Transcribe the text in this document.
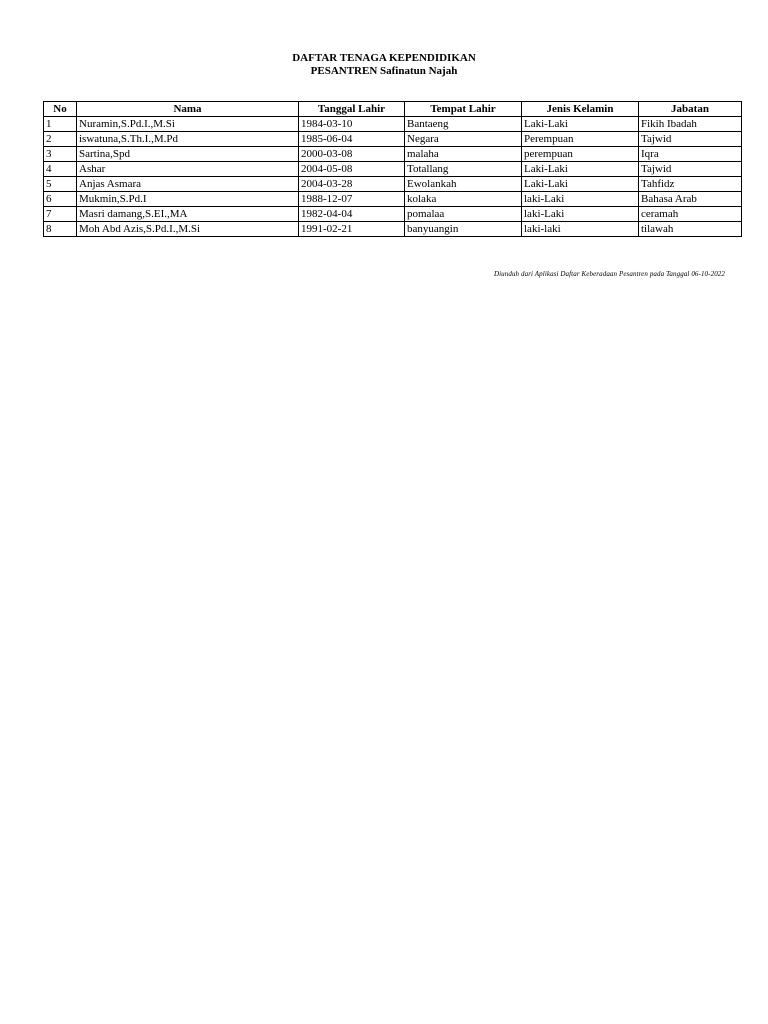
DAFTAR TENAGA KEPENDIDIKAN
PESANTREN Safinatun Najah
No	Nama	Tanggal Lahir	Tempat Lahir	Jenis Kelamin	Jabatan
1	Nuramin,S.Pd.I.,M.Si	1984-03-10	Bantaeng	Laki-Laki	Fikih Ibadah
2	iswatuna,S.Th.I.,M.Pd	1985-06-04	Negara	Perempuan	Tajwid
3	Sartina,Spd	2000-03-08	malaha	perempuan	Iqra
4	Ashar	2004-05-08	Totallang	Laki-Laki	Tajwid
5	Anjas Asmara	2004-03-28	Ewolankah	Laki-Laki	Tahfidz
6	Mukmin,S.Pd.I	1988-12-07	kolaka	laki-Laki	Bahasa Arab
7	Masri damang,S.EI.,MA	1982-04-04	pomalaa	laki-Laki	ceramah
8	Moh Abd Azis,S.Pd.I.,M.Si	1991-02-21	banyuangin	laki-laki	tilawah
Diunduh dari Aplikasi Daftar Keberadaan Pesantren pada Tanggal 06-10-2022
